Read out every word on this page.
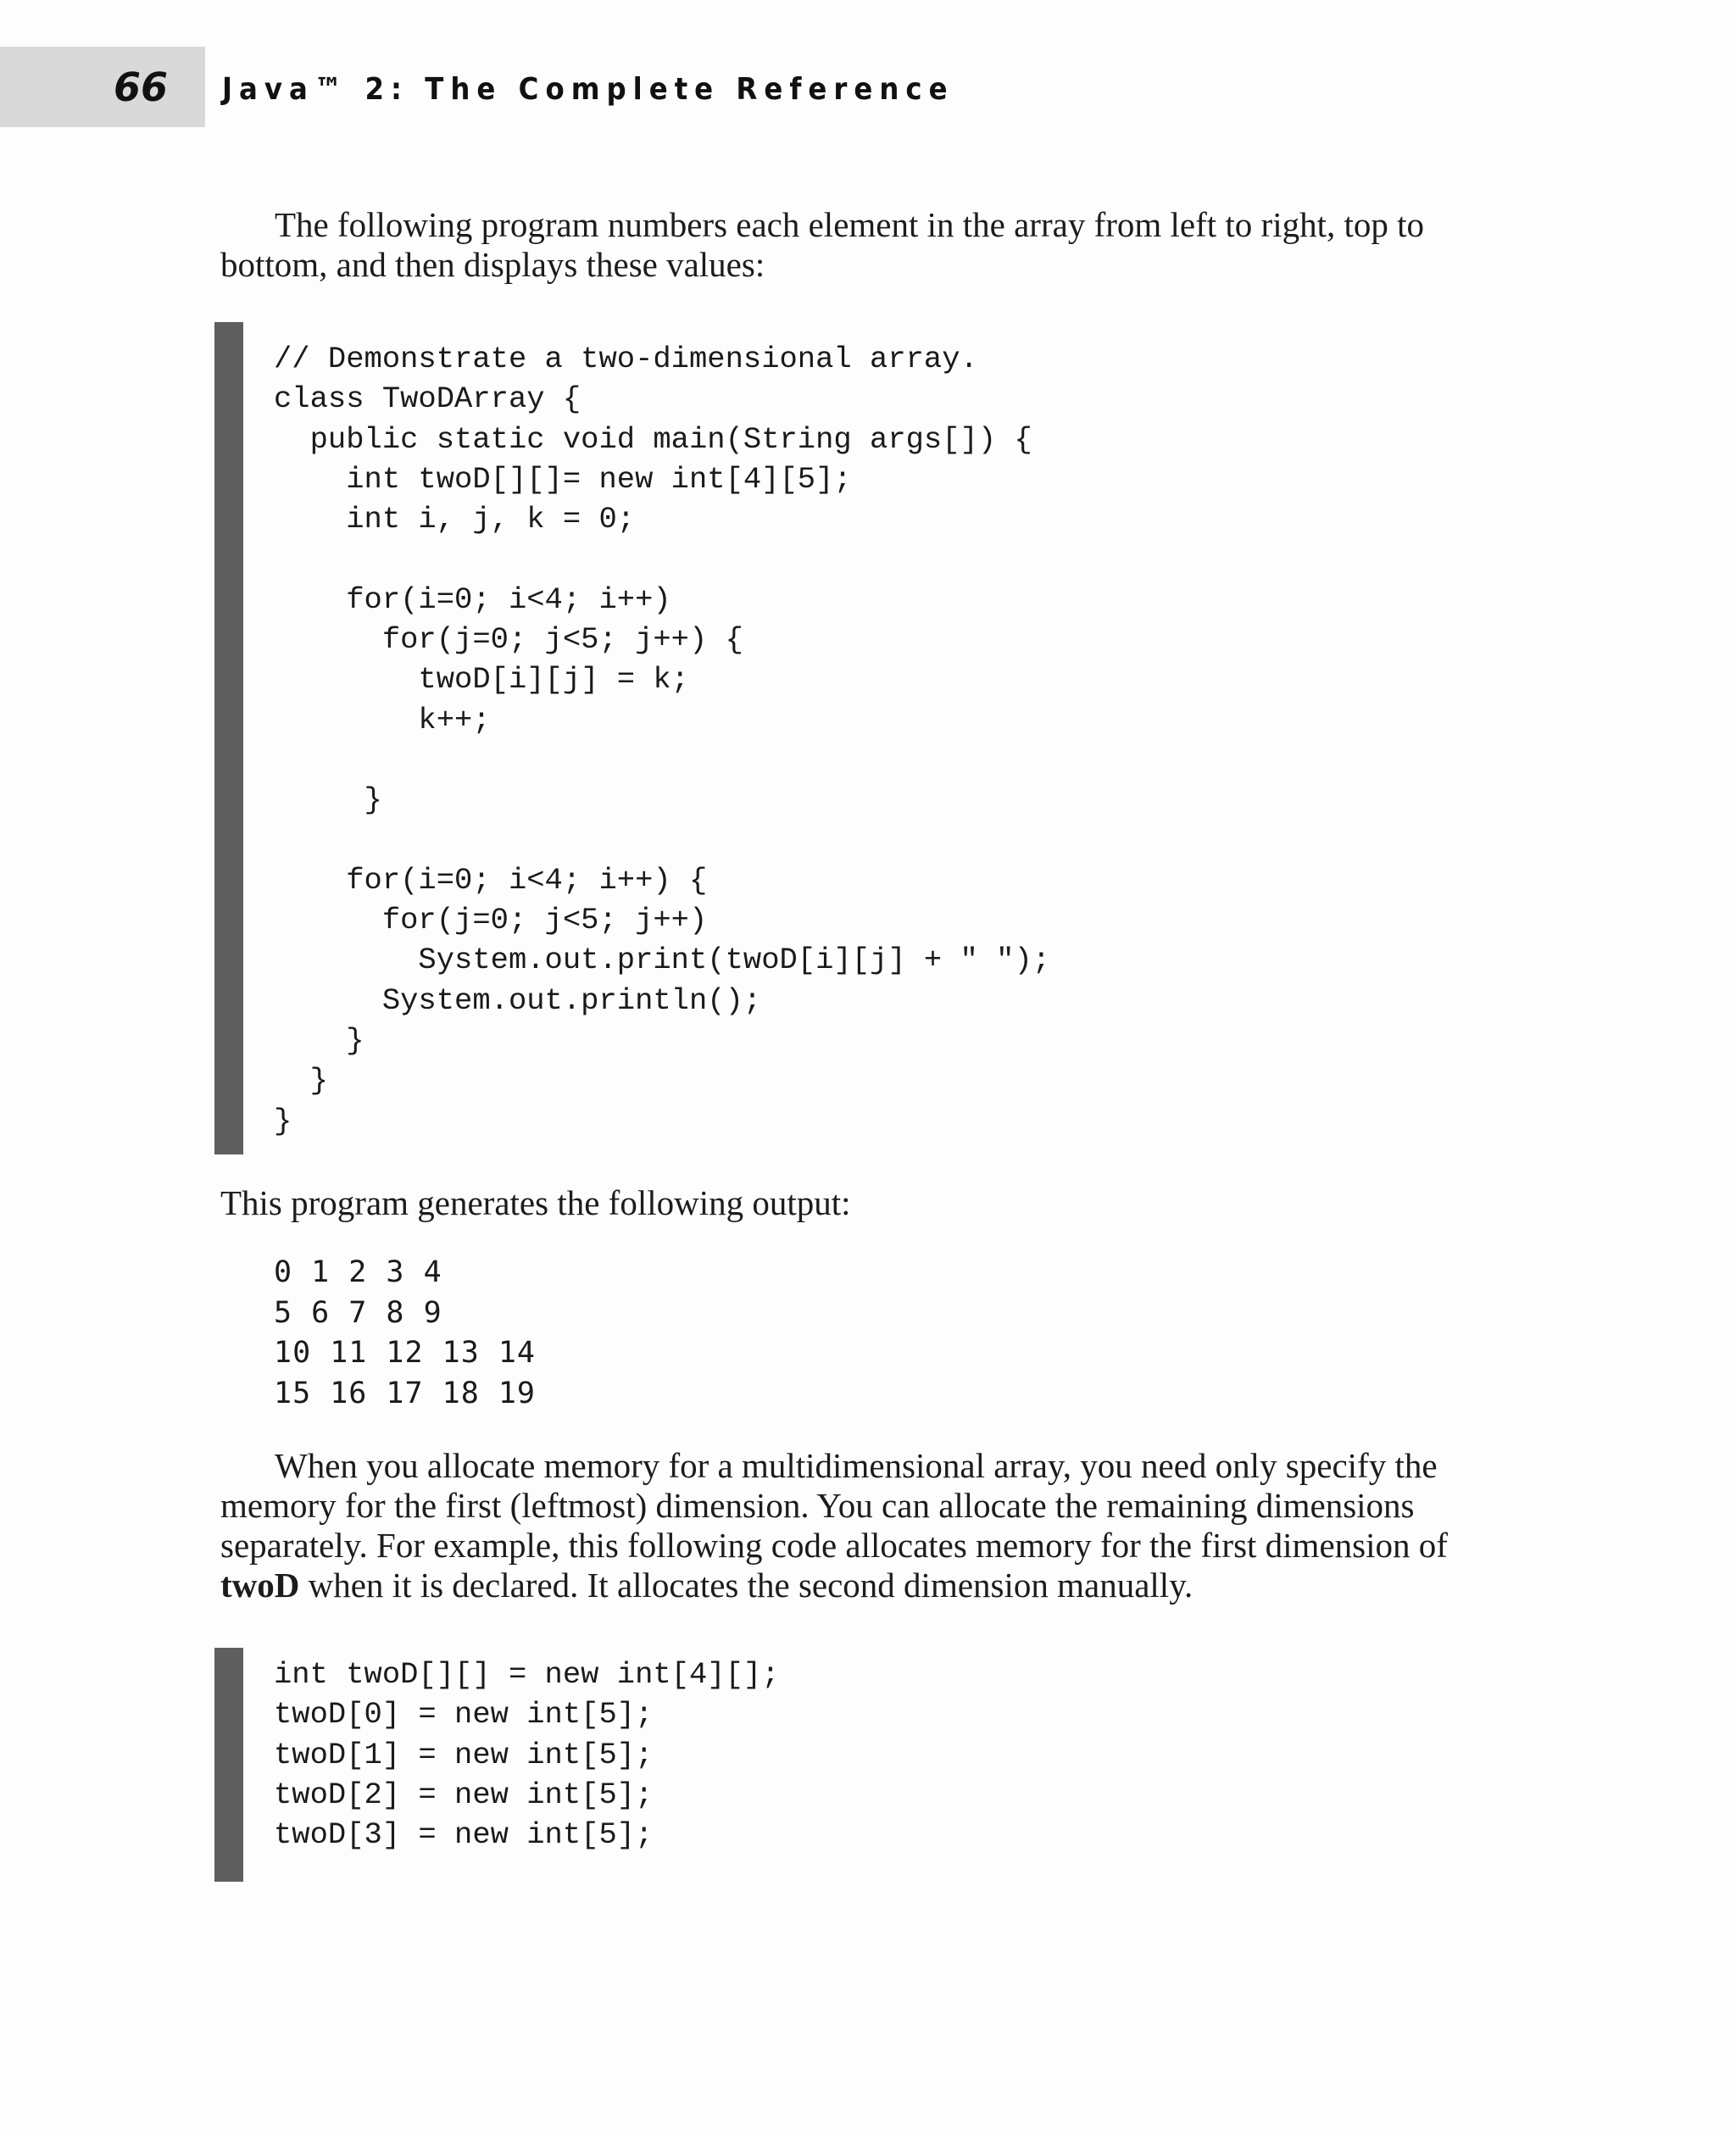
66 Java™ 2: The Complete Reference

The following program numbers each element in the array from left to right, top to bottom, and then displays these values:

// Demonstrate a two-dimensional array.
class TwoDArray {
public static void main(String args[]) {
int twoD[][]= new int[4][5];
int i, j, k = 0;

for(i=0; i<4; i++)
for(j=0; j<5; j++) {
twoD[i][j] = k;
k++;

}

for(i=0; i<4; i++) {
for(j=0; j<5; j++)
System.out.print(twoD[i][j] + " ");
System.out.println();
}
}
}

This program generates the following output:

0 1 2 3 4
5 6 7 8 9
10 11 12 13 14
15 16 17 18 19

When you allocate memory for a multidimensional array, you need only specify the memory for the first (leftmost) dimension. You can allocate the remaining dimensions separately. For example, this following code allocates memory for the first dimension of twoD when it is declared. It allocates the second dimension manually.

int twoD[][] = new int[4][];
twoD[0] = new int[5];
twoD[1] = new int[5];
twoD[2] = new int[5];
twoD[3] = new int[5];
